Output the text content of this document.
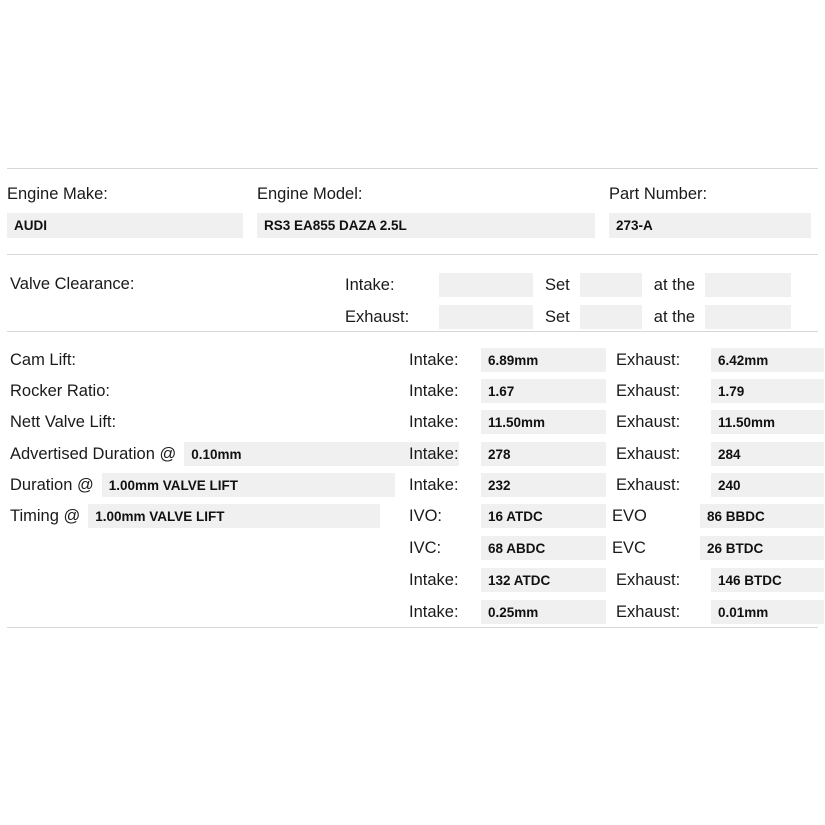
Engine Make:
AUDI
Engine Model:
RS3 EA855 DAZA 2.5L
Part Number:
273-A
Valve Clearance:	Intake:	Set	at the
Exhaust:	Set	at the
Cam Lift:	Intake:	6.89mm	Exhaust:	6.42mm
Rocker Ratio:	Intake:	1.67	Exhaust:	1.79
Nett Valve Lift:	Intake:	11.50mm	Exhaust:	11.50mm
Advertised Duration @	0.10mm	Intake:	278	Exhaust:	284
Duration @	1.00mm VALVE LIFT	Intake:	232	Exhaust:	240
Timing @	1.00mm VALVE LIFT	IVO:	16 ATDC	EVO	86 BBDC
IVC:	68 ABDC	EVC	26 BTDC
Intake:	132 ATDC	Exhaust:	146 BTDC
Intake:	0.25mm	Exhaust:	0.01mm
